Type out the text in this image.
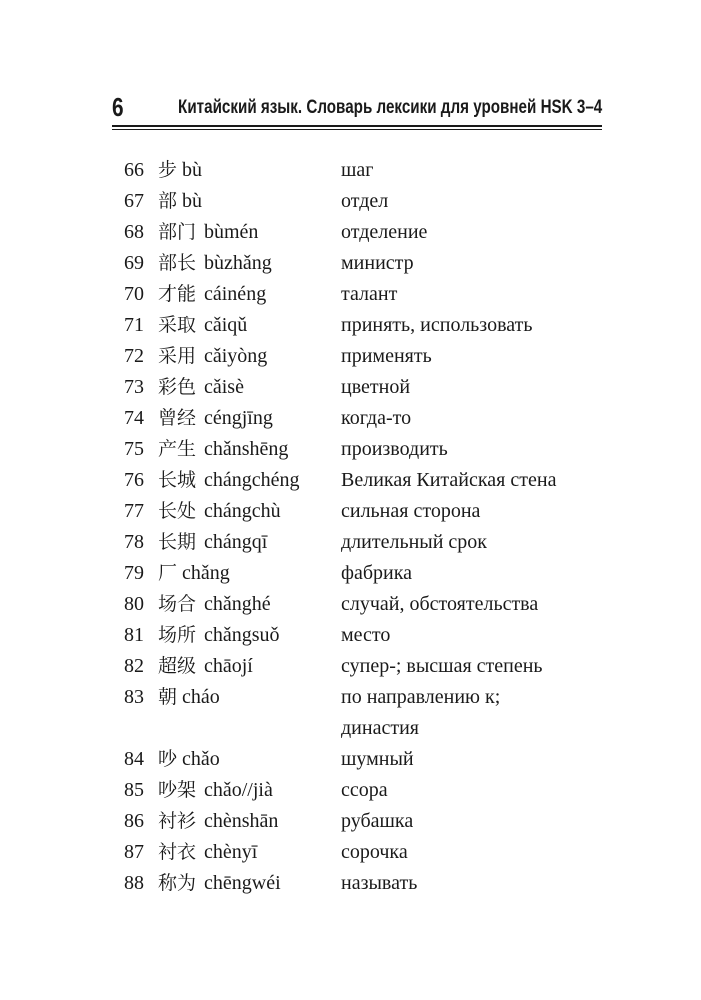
6	Китайский язык. Словарь лексики для уровней HSK 3–4
66 步 bù	шаг
67 部 bù	отдел
68 部门 bùmén	отделение
69 部长 bùzhǎng	министр
70 才能 cáinéng	талант
71 采取 cǎiqǔ	принять, использовать
72 采用 cǎiyòng	применять
73 彩色 cǎisè	цветной
74 曾经 céngjīng	когда-то
75 产生 chǎnshēng	производить
76 长城 chángchéng Великая Китайская стена
77 长处 chángchù	сильная сторона
78 长期 chángqī	длительный срок
79 厂 chǎng	фабрика
80 场合 chǎnghé	случай, обстоятельства
81 场所 chǎngsuǒ	место
82 超级 chāojí	супер-; высшая степень
83 朝 cháo	по направлению к;
династия
84 吵 chǎo	шумный
85 吵架 chǎo//jià	ссора
86 衬衫 chènshān	рубашка
87 衬衣 chènyī	сорочка
88 称为 chēngwéi	называть
